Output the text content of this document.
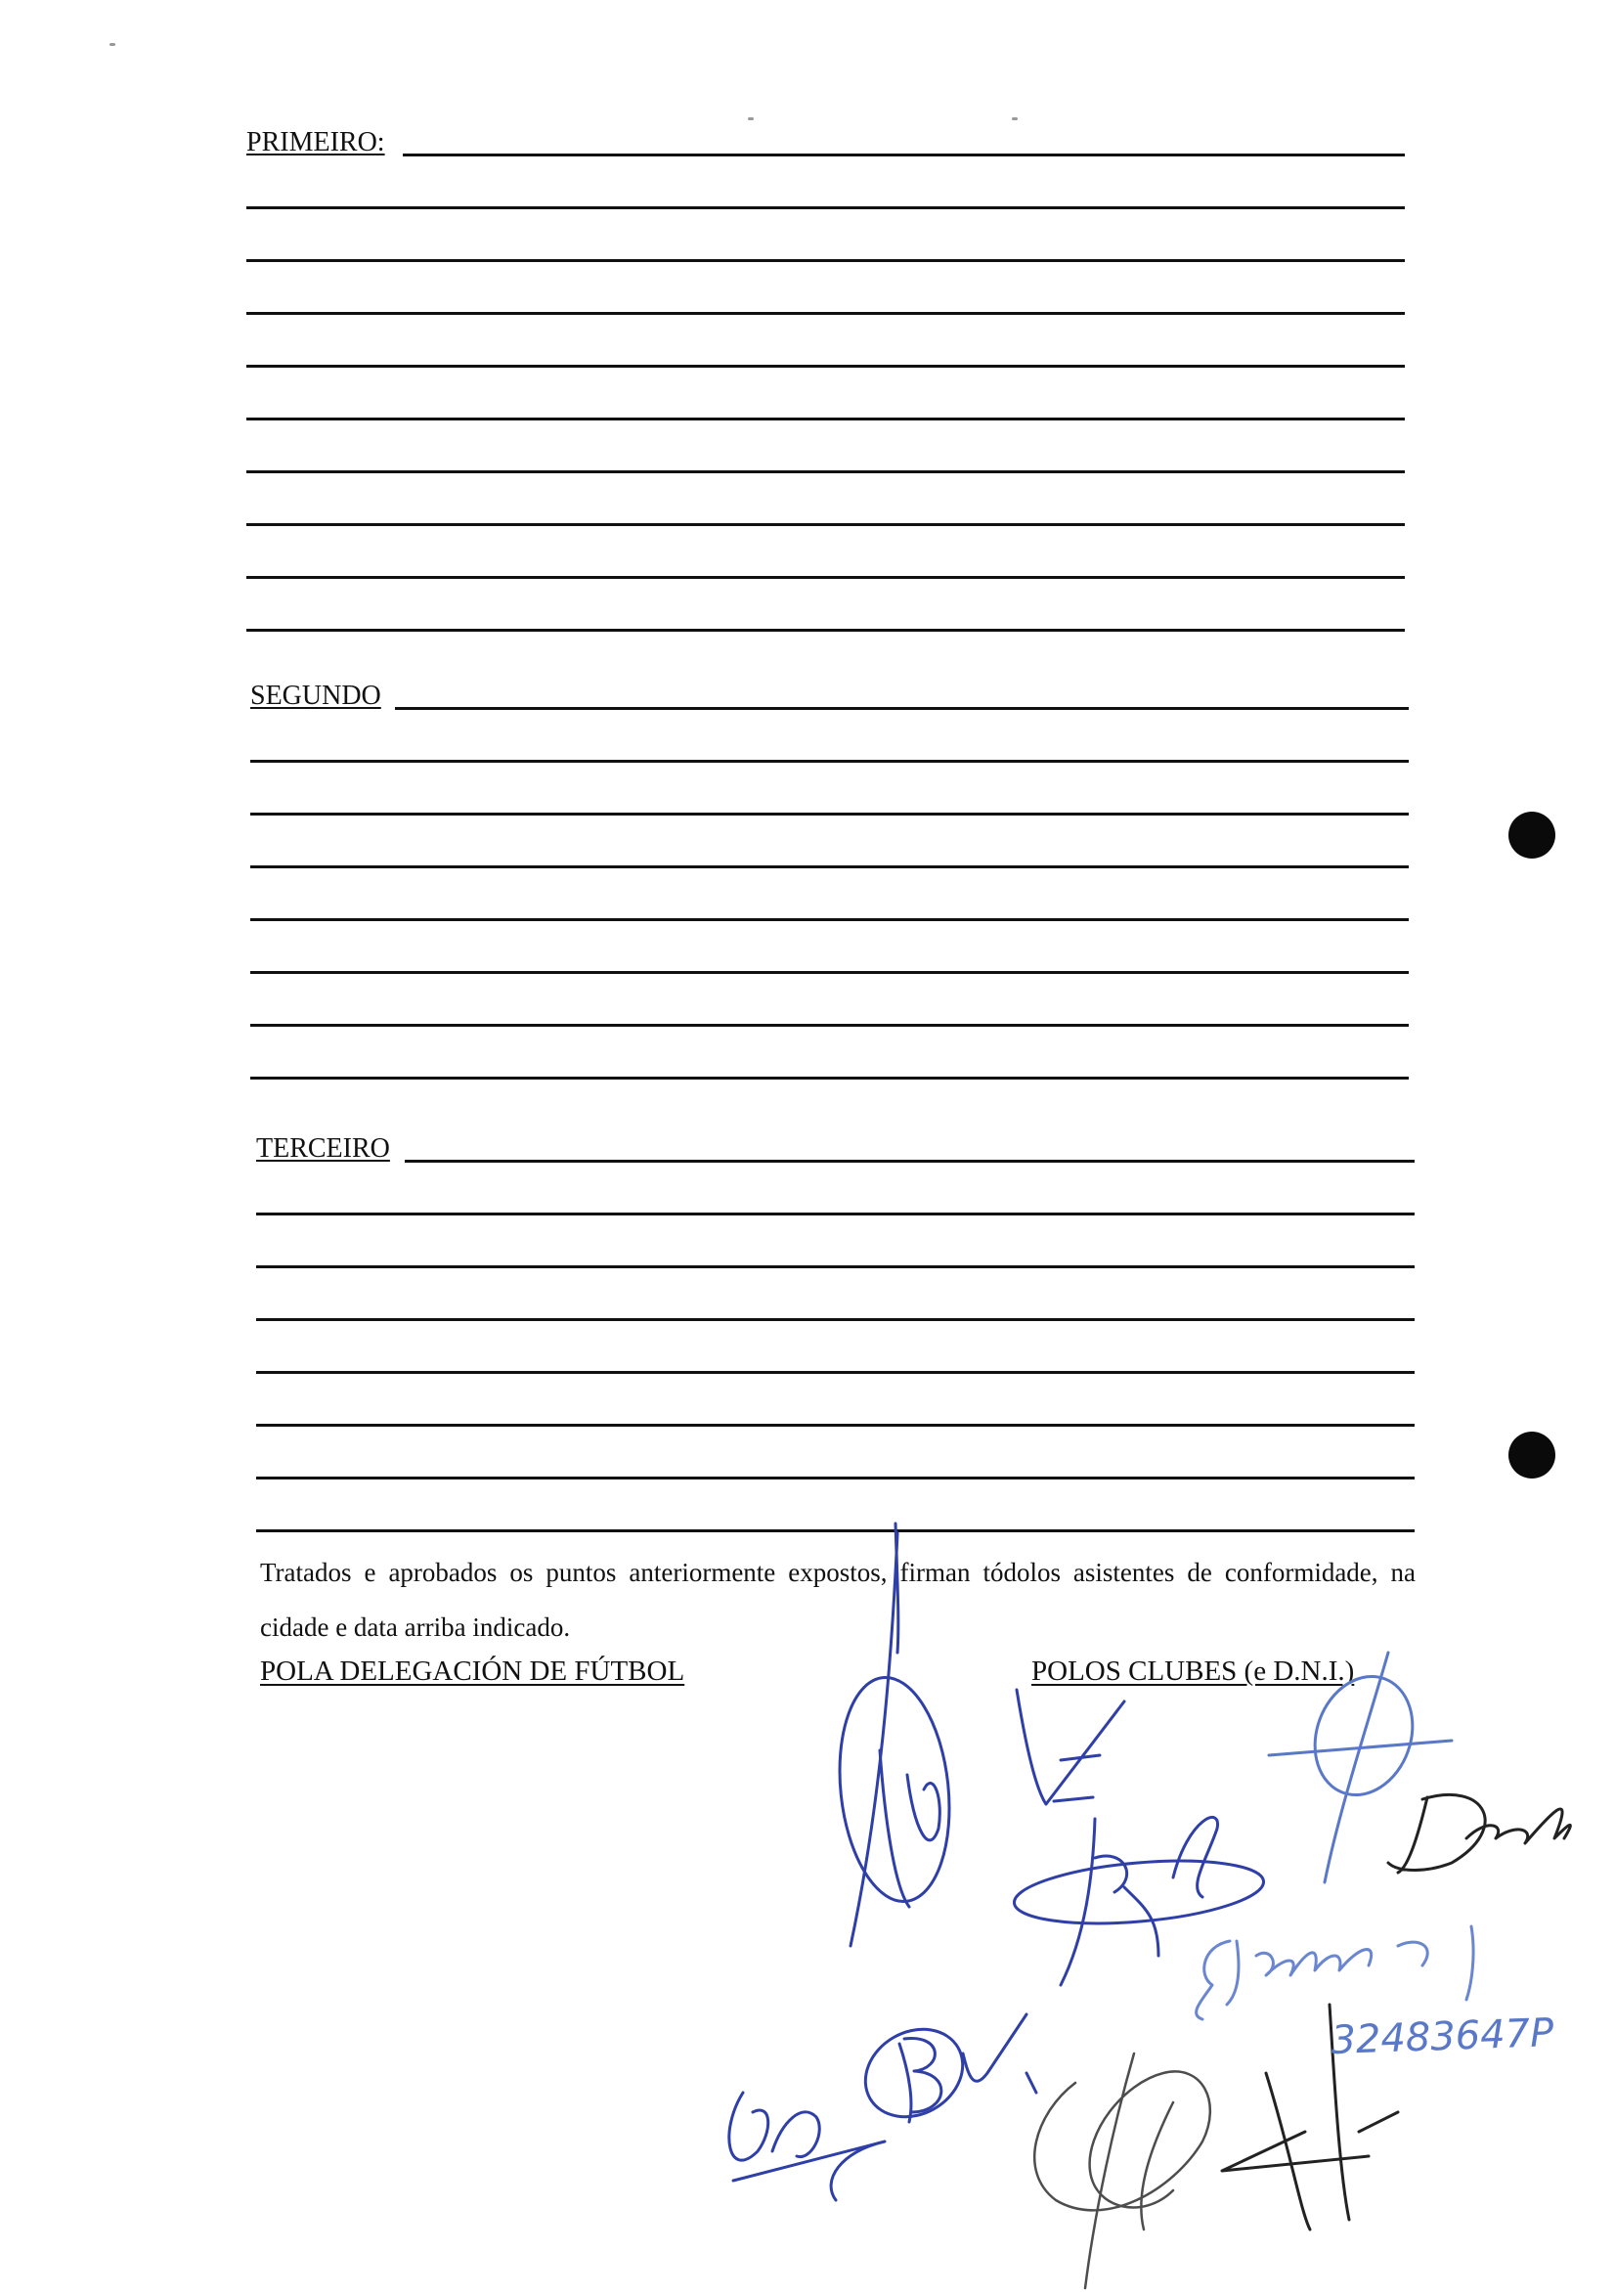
PRIMEIRO:
SEGUNDO
TERCEIRO
Tratados e aprobados os puntos anteriormente expostos, firman tódolos asistentes de conformidade, na cidade e data arriba indicado.
POLA DELEGACIÓN DE FÚTBOL	POLOS CLUBES (e D.N.I.)
32483647P
